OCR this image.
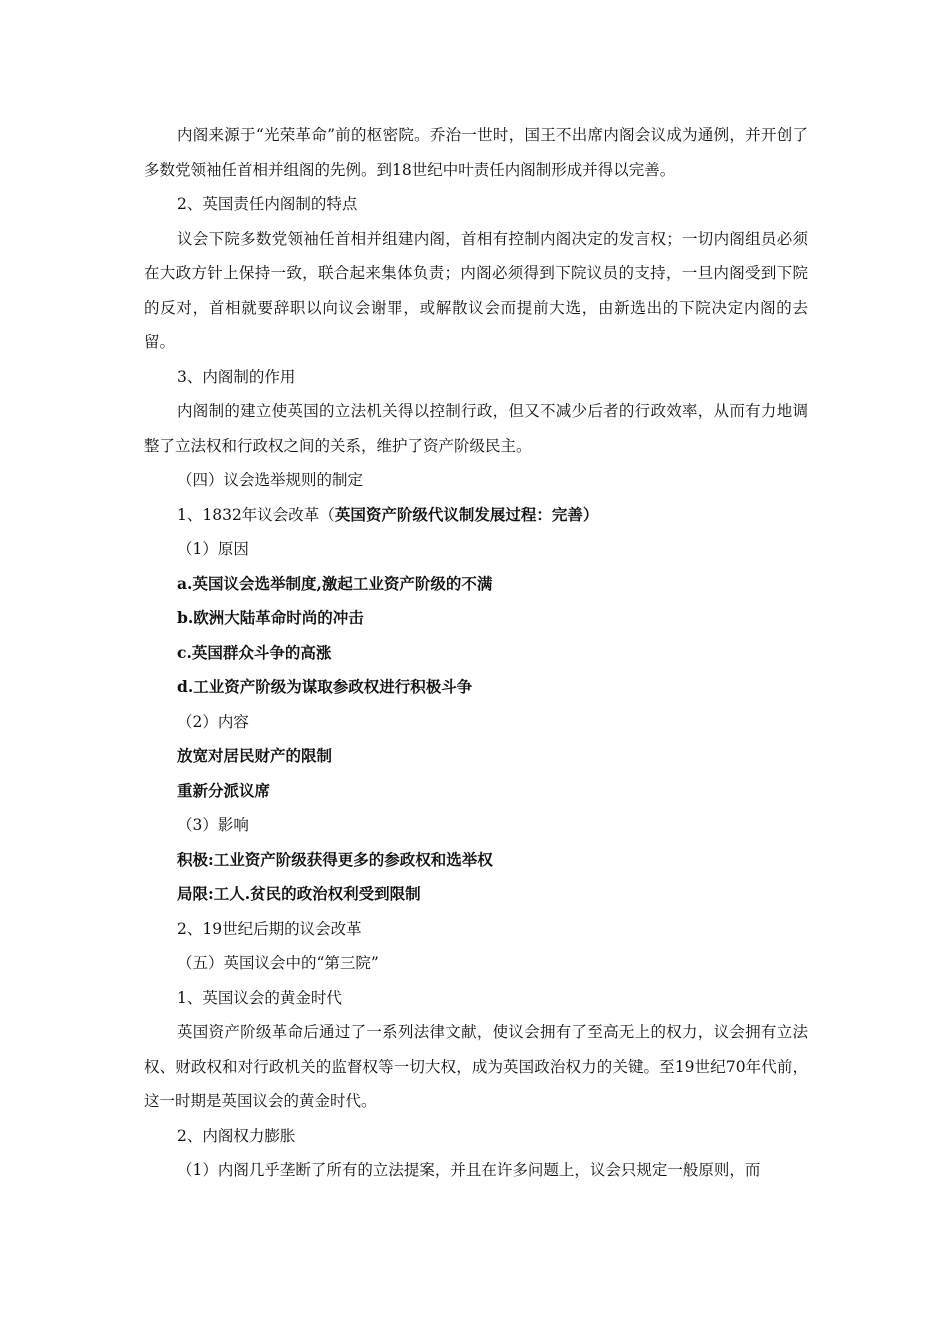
内阁来源于“光荣革命”前的枢密院。乔治一世时，国王不出席内阁会议成为通例，并开创了多数党领袖任首相并组阁的先例。到18世纪中叶责任内阁制形成并得以完善。

2、英国责任内阁制的特点

议会下院多数党领袖任首相并组建内阁，首相有控制内阁决定的发言权；一切内阁组员必须在大政方针上保持一致，联合起来集体负责；内阁必须得到下院议员的支持，一旦内阁受到下院的反对，首相就要辞职以向议会谢罪，或解散议会而提前大选，由新选出的下院决定内阁的去留。

3、内阁制的作用

内阁制的建立使英国的立法机关得以控制行政，但又不减少后者的行政效率，从而有力地调整了立法权和行政权之间的关系，维护了资产阶级民主。

（四）议会选举规则的制定

1、1832年议会改革（英国资产阶级代议制发展过程：完善）

（1）原因

a.英国议会选举制度,激起工业资产阶级的不满

b.欧洲大陆革命时尚的冲击

c.英国群众斗争的高涨

d.工业资产阶级为谋取参政权进行积极斗争

（2）内容

放宽对居民财产的限制

重新分派议席

（3）影响

积极:工业资产阶级获得更多的参政权和选举权

局限:工人.贫民的政治权利受到限制

2、19世纪后期的议会改革

（五）英国议会中的“第三院”

1、英国议会的黄金时代

英国资产阶级革命后通过了一系列法律文献，使议会拥有了至高无上的权力，议会拥有立法权、财政权和对行政机关的监督权等一切大权，成为英国政治权力的关键。至19世纪70年代前，这一时期是英国议会的黄金时代。

2、内阁权力膨胀

（1）内阁几乎垄断了所有的立法提案，并且在许多问题上，议会只规定一般原则，而
